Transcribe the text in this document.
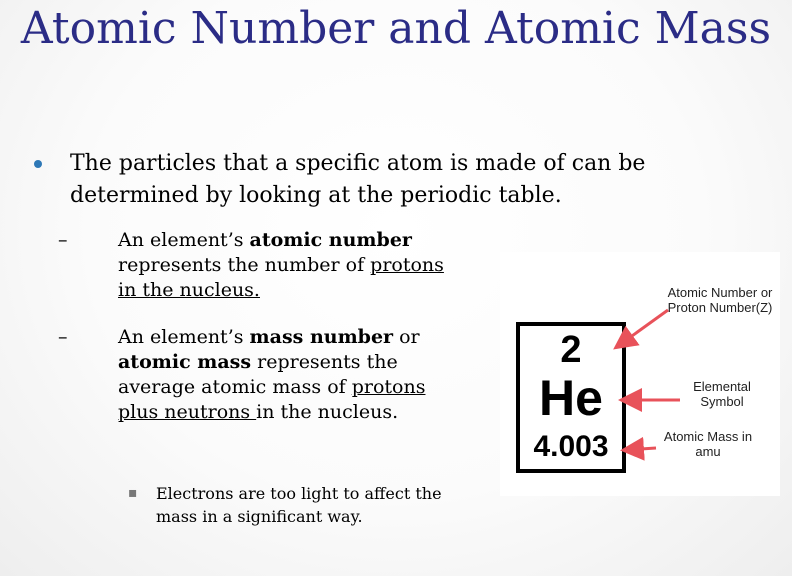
Atomic Number and Atomic Mass
The particles that a specific atom is made of can be determined by looking at the periodic table.
–	An element’s atomic number represents the number of protons in the nucleus.
–	An element’s mass number or atomic mass represents the average atomic mass of protons plus neutrons in the nucleus.
▪ Electrons are too light to affect the mass in a significant way.
2
He
4.003
Atomic Number or Proton Number(Z)
Elemental Symbol
Atomic Mass in amu
